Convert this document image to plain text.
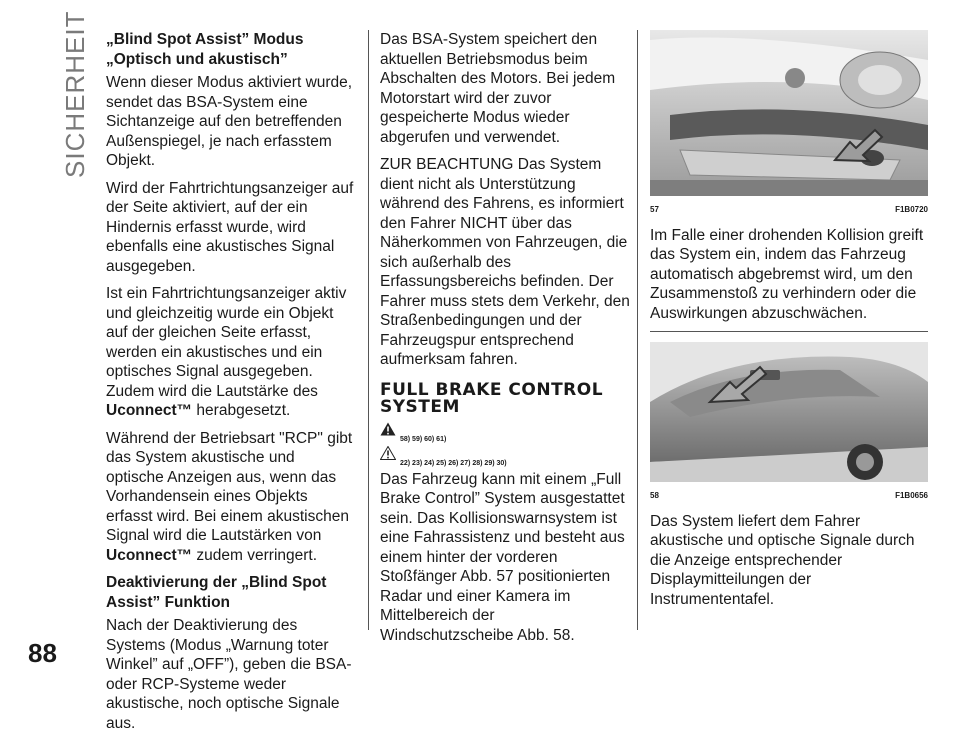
SICHERHEIT „Blind Spot Assist” Modus „Optisch und akustisch”

Wenn dieser Modus aktiviert wurde, sendet das BSA-System eine Sichtanzeige auf den betreffenden Außenspiegel, je nach erfasstem Objekt.

Wird der Fahrtrichtungsanzeiger auf der Seite aktiviert, auf der ein Hindernis erfasst wurde, wird ebenfalls eine akustisches Signal ausgegeben.

Ist ein Fahrtrichtungsanzeiger aktiv und gleichzeitig wurde ein Objekt auf der gleichen Seite erfasst, werden ein akustisches und ein optisches Signal ausgegeben. Zudem wird die Lautstärke des Uconnect™ herabgesetzt.

Während der Betriebsart "RCP" gibt das System akustische und optische Anzeigen aus, wenn das Vorhandensein eines Objekts erfasst wird. Bei einem akustischen Signal wird die Lautstärken von Uconnect™ zudem verringert.

Deaktivierung der „Blind Spot Assist” Funktion

Nach der Deaktivierung des Systems (Modus „Warnung toter Winkel” auf „OFF”), geben die BSA- oder RCP-Systeme weder akustische, noch optische Signale aus.

Das BSA-System speichert den aktuellen Betriebsmodus beim Abschalten des Motors. Bei jedem Motorstart wird der zuvor gespeicherte Modus wieder abgerufen und verwendet.

ZUR BEACHTUNG Das System dient nicht als Unterstützung während des Fahrens, es informiert den Fahrer NICHT über das Näherkommen von Fahrzeugen, die sich außerhalb des Erfassungsbereichs befinden. Der Fahrer muss stets dem Verkehr, den Straßenbedingungen und der Fahrzeugspur entsprechend aufmerksam fahren.

FULL BRAKE CONTROL
SYSTEM
58) 59) 60) 61)
22) 23) 24) 25) 26) 27) 28) 29) 30)

Das Fahrzeug kann mit einem „Full Brake Control” System ausgestattet sein. Das Kollisionswarnsystem ist eine Fahrassistenz und besteht aus einem hinter der vorderen Stoßfänger Abb. 57 positionierten Radar und einer Kamera im Mittelbereich der Windschutzscheibe Abb. 58.

57	F1B0720

Im Falle einer drohenden Kollision greift das System ein, indem das Fahrzeug automatisch abgebremst wird, um den Zusammenstoß zu verhindern oder die Auswirkungen abzuschwächen.

58	F1B0656

Das System liefert dem Fahrer akustische und optische Signale durch die Anzeige entsprechender Displaymitteilungen der Instrumententafel.

88
